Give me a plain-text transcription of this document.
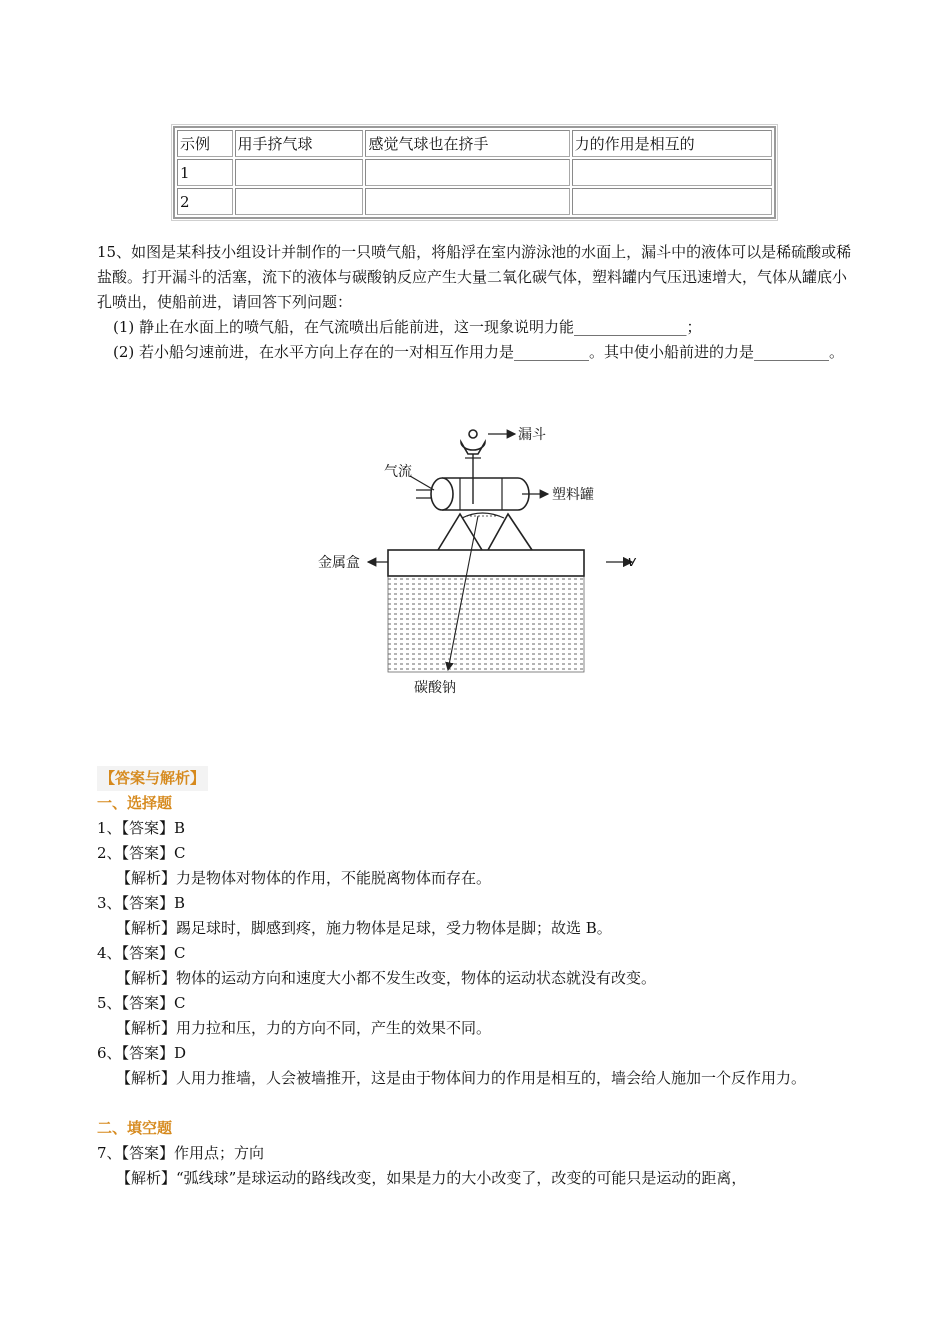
示例	用手挤气球	感觉气球也在挤手	力的作用是相互的
1			
2			

15、如图是某科技小组设计并制作的一只喷气船，将船浮在室内游泳池的水面上，漏斗中的液体可以是稀硫酸或稀盐酸。打开漏斗的活塞，流下的液体与碳酸钠反应产生大量二氧化碳气体，塑料罐内气压迅速增大，气体从罐底小孔喷出，使船前进，请回答下列问题：

(1) 静止在水面上的喷气船，在气流喷出后能前进，这一现象说明力能_______________；

(2) 若小船匀速前进，在水平方向上存在的一对相互作用力是__________。其中使小船前进的力是__________。

漏斗
气流
塑料罐
金属盒	v
碳酸钠
【答案与解析】
一、选择题
1、【答案】B
2、【答案】C
【解析】力是物体对物体的作用，不能脱离物体而存在。
3、【答案】B
【解析】踢足球时，脚感到疼，施力物体是足球，受力物体是脚；故选 B。
4、【答案】C
【解析】物体的运动方向和速度大小都不发生改变，物体的运动状态就没有改变。
5、【答案】C
【解析】用力拉和压，力的方向不同，产生的效果不同。
6、【答案】D
【解析】人用力推墙，人会被墙推开，这是由于物体间力的作用是相互的，墙会给人施加一个反作用力。
二、填空题
7、【答案】作用点；方向
【解析】“弧线球”是球运动的路线改变，如果是力的大小改变了，改变的可能只是运动的距离，
